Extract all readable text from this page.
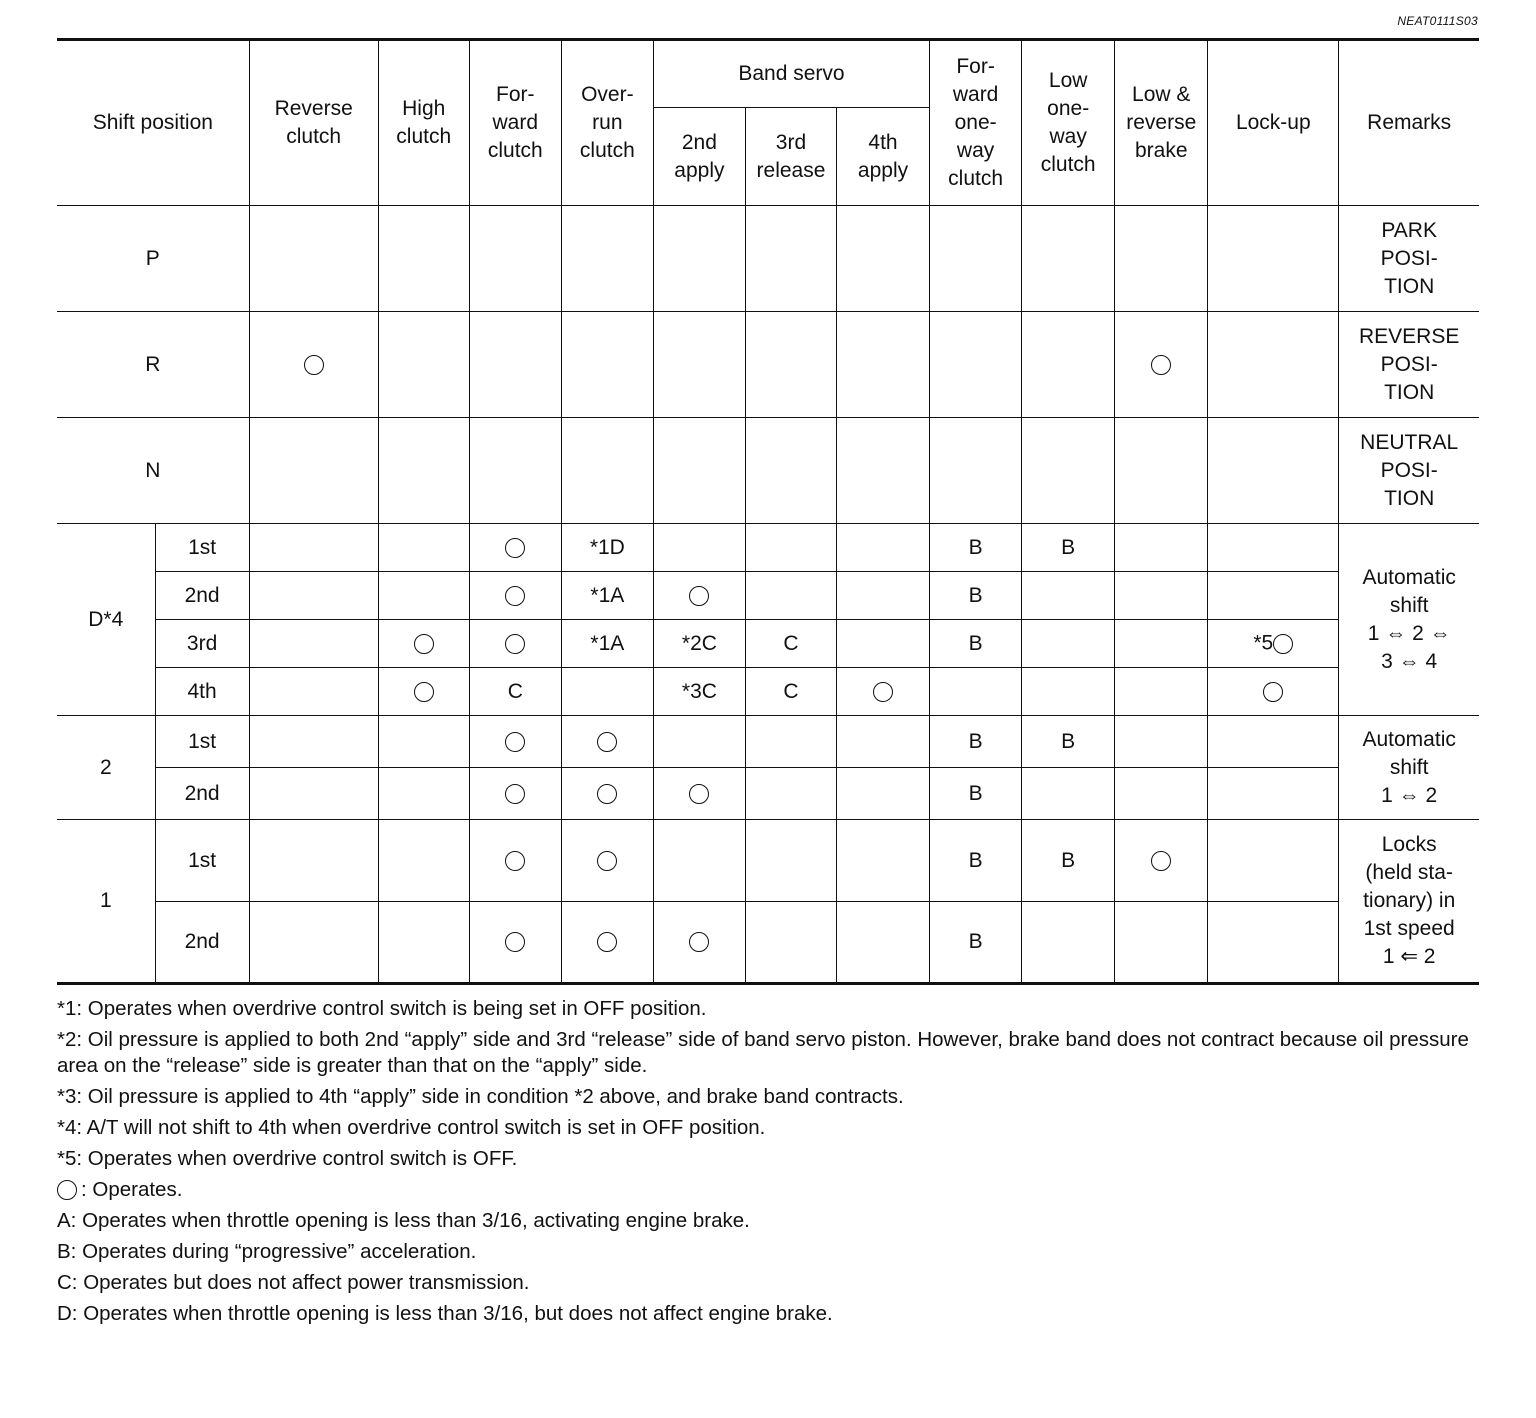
NEAT0111S03
Shift position		Reverse
clutch	High
clutch	For-
ward
clutch	Over-
run
clutch	Band servo			For-
ward
one-
way
clutch	Low
one-
way
clutch	Low &
reverse
brake	Lock-up	Remarks
						2nd
apply	3rd
release	4th
apply					
P													PARK
POSI-
TION
R													REVERSE
POSI-
TION
N													NEUTRAL
POSI-
TION
D*4	1st				*1D				B	B			Automatic
shift
1 ⇔ 2 ⇔
3 ⇔ 4
	2nd				*1A				B				
	3rd				*1A	*2C	C		B			*5	
	4th			C		*3C	C						
2	1st								B	B			Automatic
shift
1 ⇔ 2
	2nd								B				
1	1st								B	B			Locks
(held sta-
tionary) in
1st speed
1 ⇐ 2
	2nd								B				
*1: Operates when overdrive control switch is being set in OFF position.
*2: Oil pressure is applied to both 2nd “apply” side and 3rd “release” side of band servo piston. However, brake band does not contract because oil pressure area on the “release” side is greater than that on the “apply” side.
*3: Oil pressure is applied to 4th “apply” side in condition *2 above, and brake band contracts.
*4: A/T will not shift to 4th when overdrive control switch is set in OFF position.
*5: Operates when overdrive control switch is OFF.
: Operates.
A: Operates when throttle opening is less than 3/16, activating engine brake.
B: Operates during “progressive” acceleration.
C: Operates but does not affect power transmission.
D: Operates when throttle opening is less than 3/16, but does not affect engine brake.
